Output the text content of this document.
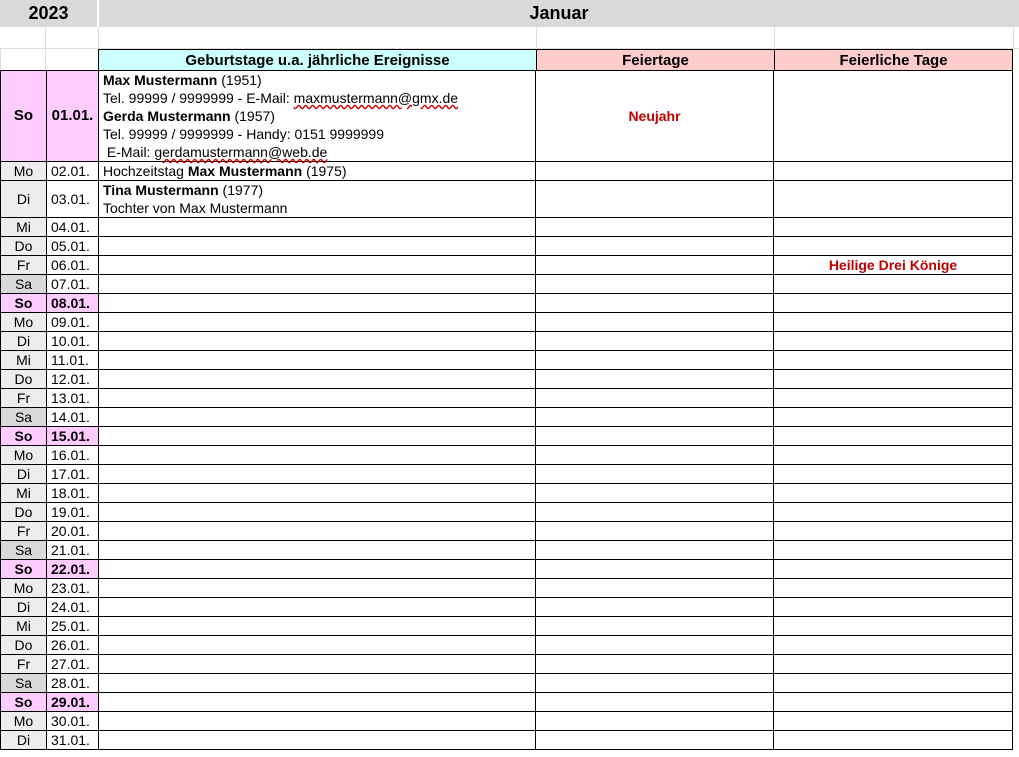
2023	Januar
Geburtstage u.a. jährliche Ereignisse	Feiertage	Feierliche Tage
So	01.01.	Max Mustermann (1951)
Tel. 99999 / 9999999 - E-Mail: maxmustermann@gmx.de
Gerda Mustermann (1957)
Tel. 99999 / 9999999 - Handy: 0151 9999999
E-Mail: gerdamustermann@web.de	Neujahr	
Mo	02.01.	Hochzeitstag Max Mustermann (1975)		

Di	03.01.	Tina Mustermann (1977)
Tochter von Max Mustermann		

Mi	04.01.			
Do	05.01.			
Fr	06.01.			Heilige Drei Könige
Sa	07.01.			
So	08.01.			
Mo	09.01.			
Di	10.01.			
Mi	11.01.			
Do	12.01.			
Fr	13.01.			
Sa	14.01.			
So	15.01.			
Mo	16.01.			
Di	17.01.			
Mi	18.01.			
Do	19.01.			
Fr	20.01.			
Sa	21.01.			
So	22.01.			
Mo	23.01.			
Di	24.01.			
Mi	25.01.			
Do	26.01.			
Fr	27.01.			
Sa	28.01.			
So	29.01.			
Mo	30.01.			
Di	31.01.			
